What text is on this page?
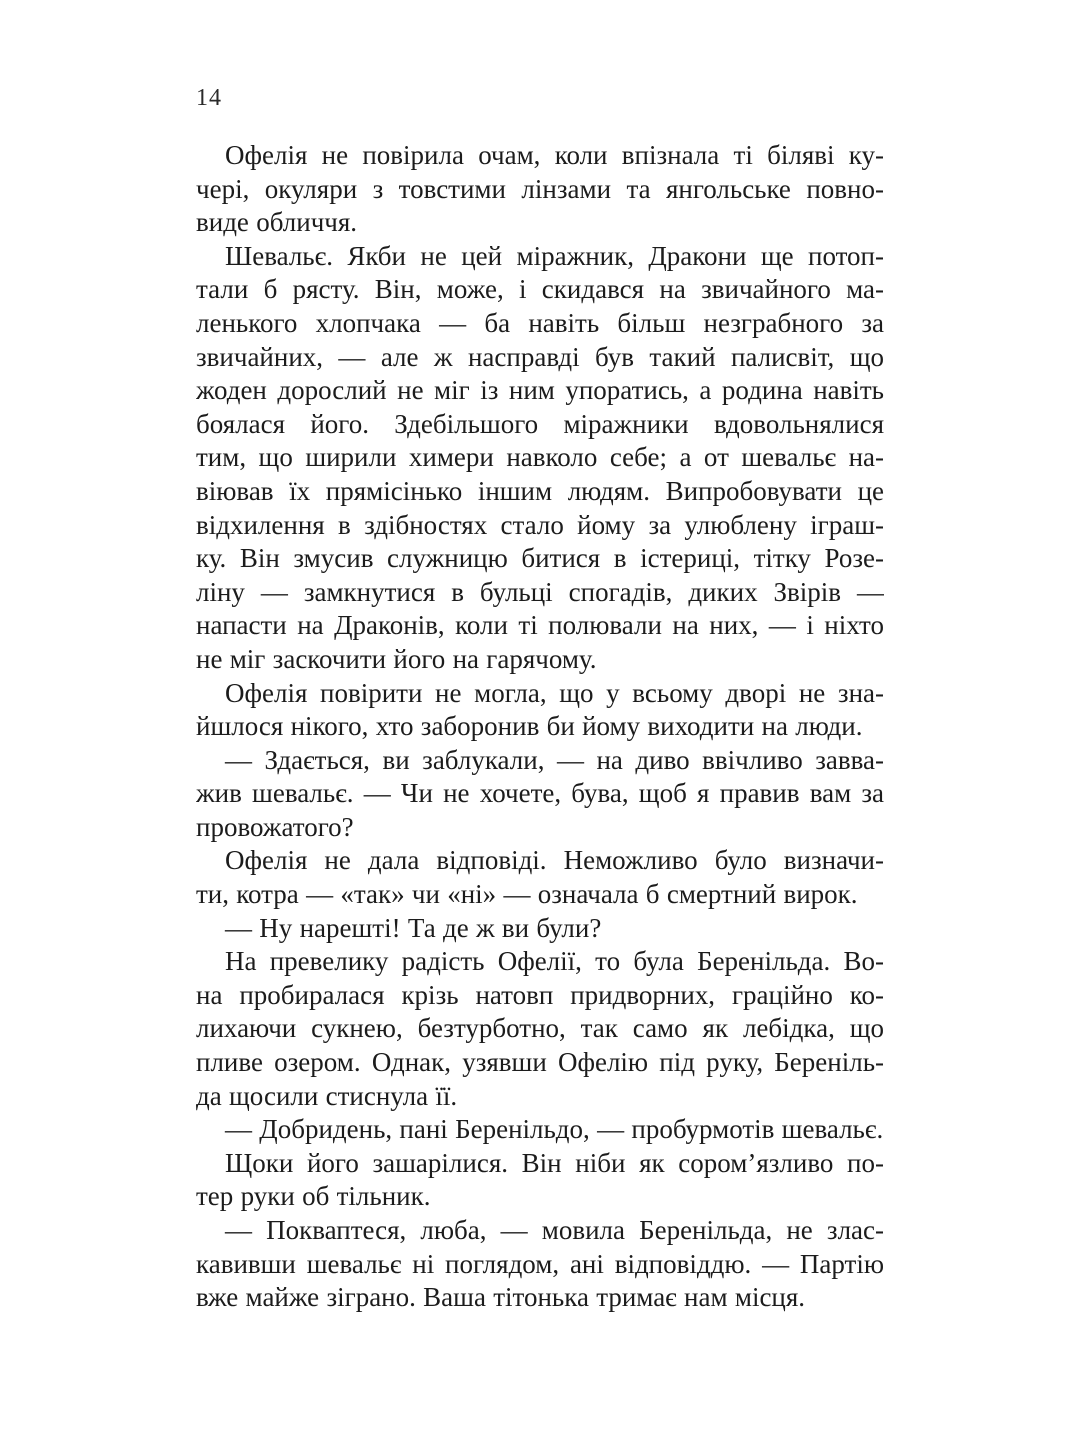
14
Офелія не повірила очам, коли впізнала ті біляві ку-
чері, окуляри з товстими лінзами та янгольське повно-
виде обличчя.
Шевальє. Якби не цей міражник, Дракони ще потоп-
тали б рясту. Він, може, і скидався на звичайного ма-
ленького хлопчака — ба навіть більш незграбного за
звичайних, — але ж насправді був такий палисвіт, що
жоден дорослий не міг із ним упоратись, а родина навіть
боялася його. Здебільшого міражники вдовольнялися
тим, що ширили химери навколо себе; а от шевальє на-
віював їх прямісінько іншим людям. Випробовувати це
відхилення в здібностях стало йому за улюблену іграш-
ку. Він змусив служницю битися в істериці, тітку Розе-
ліну — замкнутися в бульці спогадів, диких Звірів —
напасти на Драконів, коли ті полювали на них, — і ніхто
не міг заскочити його на гарячому.
Офелія повірити не могла, що у всьому дворі не зна-
йшлося нікого, хто заборонив би йому виходити на люди.
— Здається, ви заблукали, — на диво ввічливо завва-
жив шевальє. — Чи не хочете, бува, щоб я правив вам за
провожатого?
Офелія не дала відповіді. Неможливо було визначи-
ти, котра — «так» чи «ні» — означала б смертний вирок.
— Ну нарешті! Та де ж ви були?
На превелику радість Офелії, то була Беренільда. Во-
на пробиралася крізь натовп придворних, граційно ко-
лихаючи сукнею, безтурботно, так само як лебідка, що
пливе озером. Однак, узявши Офелію під руку, Береніль-
да щосили стиснула її.
— Добридень, пані Беренільдо, — пробурмотів шевальє.
Щоки його зашарілися. Він ніби як сором’язливо по-
тер руки об тільник.
— Покваптеся, люба, — мовила Беренільда, не злас-
кавивши шевальє ні поглядом, ані відповіддю. — Партію
вже майже зіграно. Ваша тітонька тримає нам місця.
